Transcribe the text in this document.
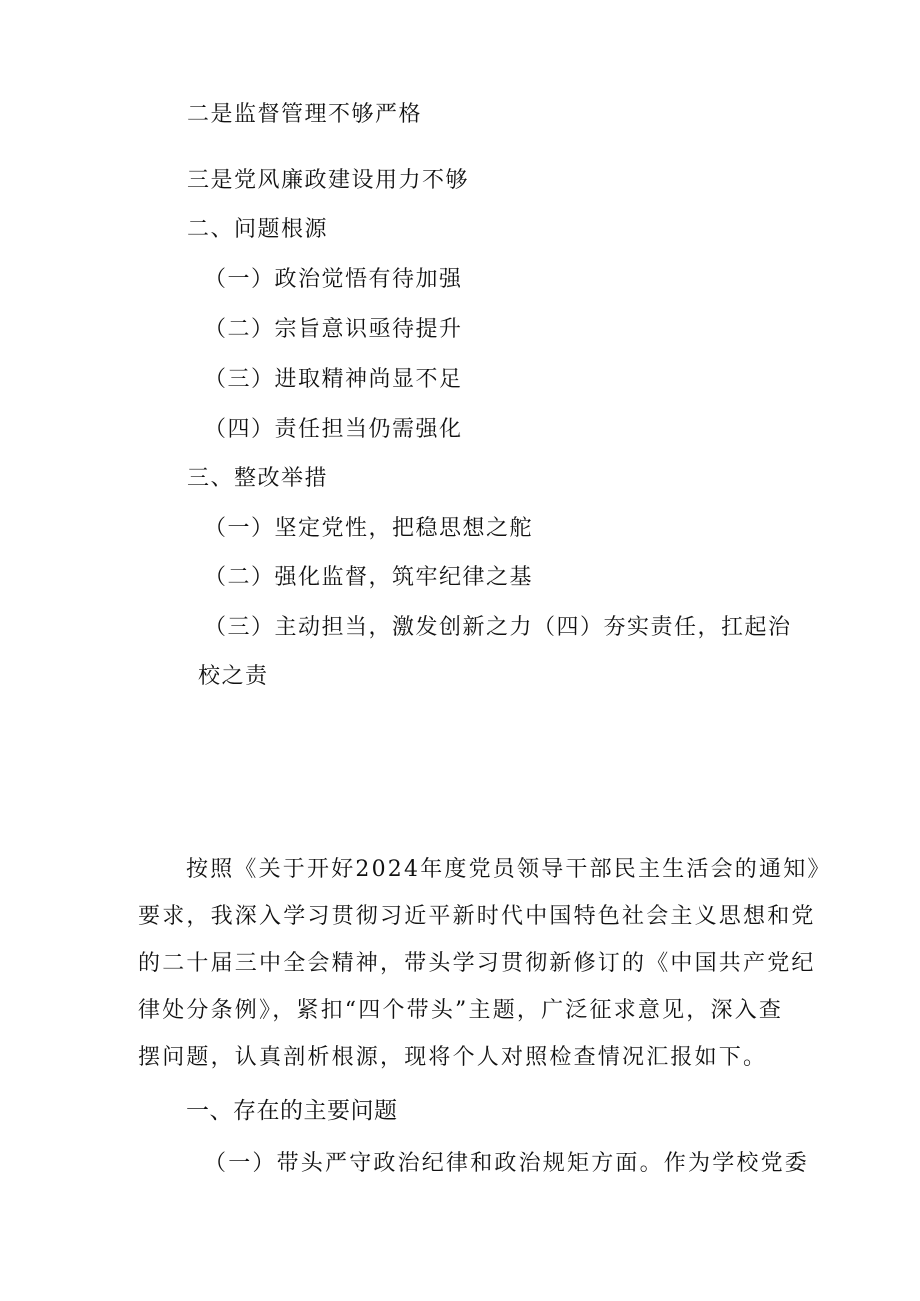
二是监督管理不够严格
三是党风廉政建设用力不够
二、问题根源
（一）政治觉悟有待加强
（二）宗旨意识亟待提升
（三）进取精神尚显不足
（四）责任担当仍需强化
三、整改举措
（一）坚定党性，把稳思想之舵
（二）强化监督，筑牢纪律之基
（三）主动担当，激发创新之力（四）夯实责任，扛起治
校之责
按照《关于开好2024年度党员领导干部民主生活会的通知》
要求，我深入学习贯彻习近平新时代中国特色社会主义思想和党
的二十届三中全会精神，带头学习贯彻新修订的《中国共产党纪
律处分条例》，紧扣“四个带头”主题，广泛征求意见，深入查
摆问题，认真剖析根源，现将个人对照检查情况汇报如下。
一、存在的主要问题
（一）带头严守政治纪律和政治规矩方面。作为学校党委
